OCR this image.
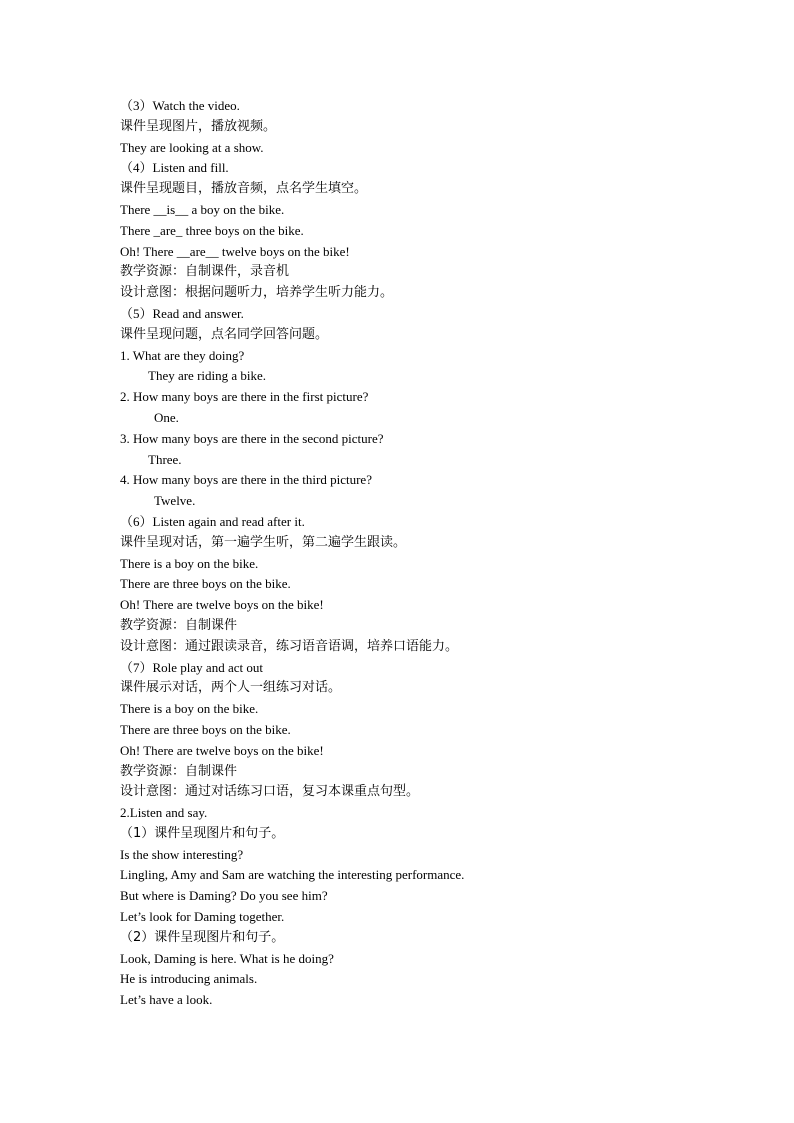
（3）Watch the video.
课件呈现图片，播放视频。
They are looking at a show.
（4）Listen and fill.
课件呈现题目，播放音频，点名学生填空。
There __is__ a boy on the bike.
There _are_ three boys on the bike.
Oh! There __are__ twelve boys on the bike!
教学资源：自制课件，录音机
设计意图：根据问题听力，培养学生听力能力。
（5）Read and answer.
课件呈现问题，点名同学回答问题。
1. What are they doing?
They are riding a bike.
2. How many boys are there in the first picture?
One.
3. How many boys are there in the second picture?
Three.
4. How many boys are there in the third picture?
Twelve.
（6）Listen again and read after it.
课件呈现对话，第一遍学生听，第二遍学生跟读。
There is a boy on the bike.
There are three boys on the bike.
Oh! There are twelve boys on the bike!
教学资源：自制课件
设计意图：通过跟读录音，练习语音语调，培养口语能力。
（7）Role play and act out
课件展示对话，两个人一组练习对话。
There is a boy on the bike.
There are three boys on the bike.
Oh! There are twelve boys on the bike!
教学资源：自制课件
设计意图：通过对话练习口语，复习本课重点句型。
2.Listen and say.
（1）课件呈现图片和句子。
Is the show interesting?
Lingling, Amy and Sam are watching the interesting performance.
But where is Daming? Do you see him?
Let’s look for Daming together.
（2）课件呈现图片和句子。
Look, Daming is here. What is he doing?
He is introducing animals.
Let’s have a look.
